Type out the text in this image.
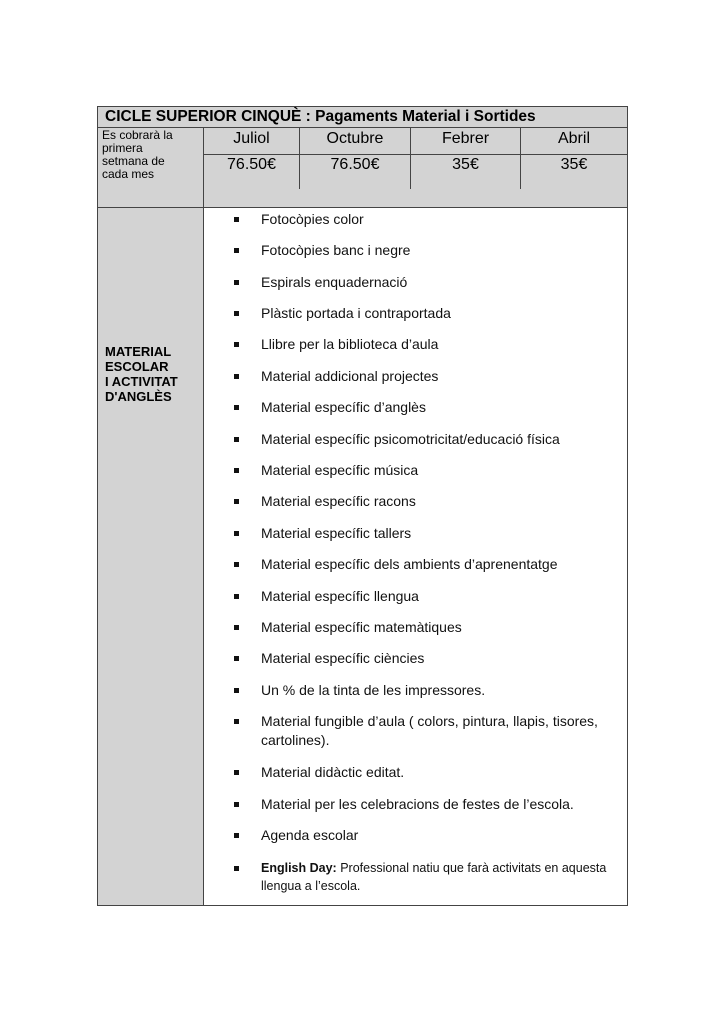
CICLE SUPERIOR CINQUÈ : Pagaments Material i Sortides
Es cobrarà la
primera
setmana de
cada mes
Juliol	Octubre	Febrer	Abril
76.50€	76.50€	35€	35€
MATERIAL
ESCOLAR
I ACTIVITAT
D'ANGLÈS
Fotocòpies color
Fotocòpies banc i negre
Espirals enquadernació
Plàstic portada i contraportada
Llibre per la biblioteca d’aula
Material addicional projectes
Material específic d’anglès
Material específic psicomotricitat/educació física
Material específic música
Material específic racons
Material específic tallers
Material específic dels ambients d’aprenentatge
Material específic llengua
Material específic matemàtiques
Material específic ciències
Un % de la tinta de les impressores.
Material fungible d’aula ( colors, pintura, llapis, tisores, cartolines).
Material didàctic editat.
Material per les celebracions de festes de l’escola.
Agenda escolar
English Day: Professional natiu que farà activitats en aquesta llengua a l’escola.
